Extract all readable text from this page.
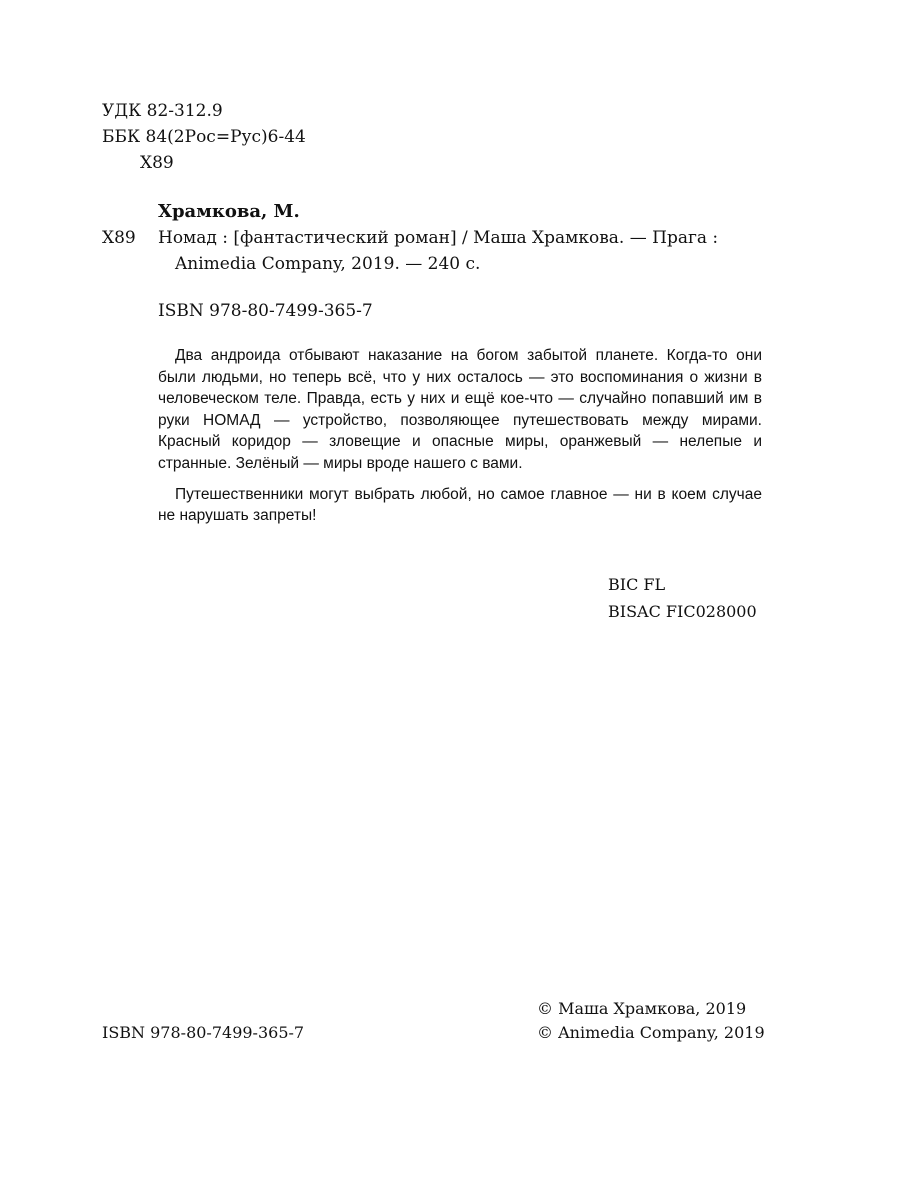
УДК 82-312.9
ББК 84(2Рос=Рус)6-44
Х89
Храмкова, М.
Х89 Номад : [фантастический роман] / Маша Храмкова. — Прага :
Animedia Company, 2019. — 240 с.
ISBN 978-80-7499-365-7

Два андроида отбывают наказание на богом забытой планете. Когда-то они были людьми, но теперь всё, что у них осталось — это воспоминания о жизни в человеческом теле. Правда, есть у них и ещё кое-что — случайно попавший им в руки НОМАД — устройство, позволяющее путешествовать между мирами. Красный коридор — зловещие и опасные миры, оранжевый — нелепые и странные. Зелёный — миры вроде нашего с вами.

Путешественники могут выбрать любой, но самое главное — ни в коем случае не нарушать запреты!

BIC FL
BISAC FIC028000
© Маша Храмкова, 2019
© Animedia Company, 2019
ISBN 978-80-7499-365-7
